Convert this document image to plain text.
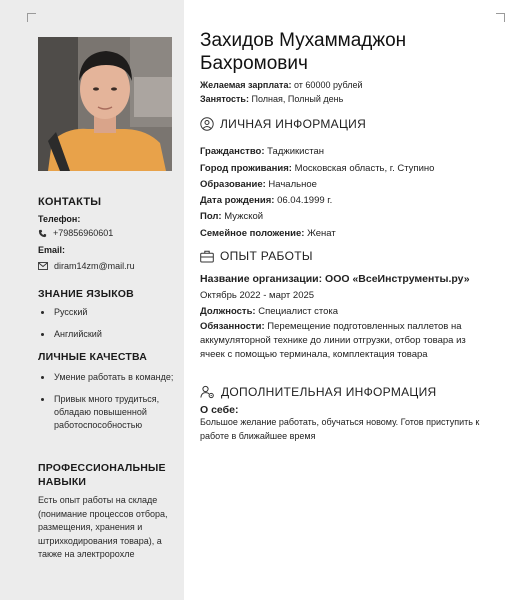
КОНТАКТЫ
Телефон:
+79856960601
Email:
diram14zm@mail.ru
ЗНАНИЕ ЯЗЫКОВ
Русский
Английский
ЛИЧНЫЕ КАЧЕСТВА
Умение работать в команде;
Привык много трудиться, обладаю повышенной работоспособностью
ПРОФЕССИОНАЛЬНЫЕ НАВЫКИ
Есть опыт работы на складе (понимание процессов отбора, размещения, хранения и штрихкодирования товара), а также на электророхле
Захидов Мухаммаджон Бахромович
Желаемая зарплата: от 60000 рублей
Занятость: Полная, Полный день
ЛИЧНАЯ ИНФОРМАЦИЯ
Гражданство: Таджикистан
Город проживания: Московская область, г. Ступино
Образование: Начальное
Дата рождения: 06.04.1999 г.
Пол: Мужской
Семейное положение: Женат
ОПЫТ РАБОТЫ
Название организации: ООО «ВсеИнструменты.ру»
Октябрь 2022 - март 2025
Должность: Специалист стока
Обязанности: Перемещение подготовленных паллетов на аккумуляторной технике до линии отгрузки, отбор товара из ячеек с помощью терминала, комплектация товара
ДОПОЛНИТЕЛЬНАЯ ИНФОРМАЦИЯ
О себе:
Большое желание работать, обучаться новому. Готов приступить к работе в ближайшее время
